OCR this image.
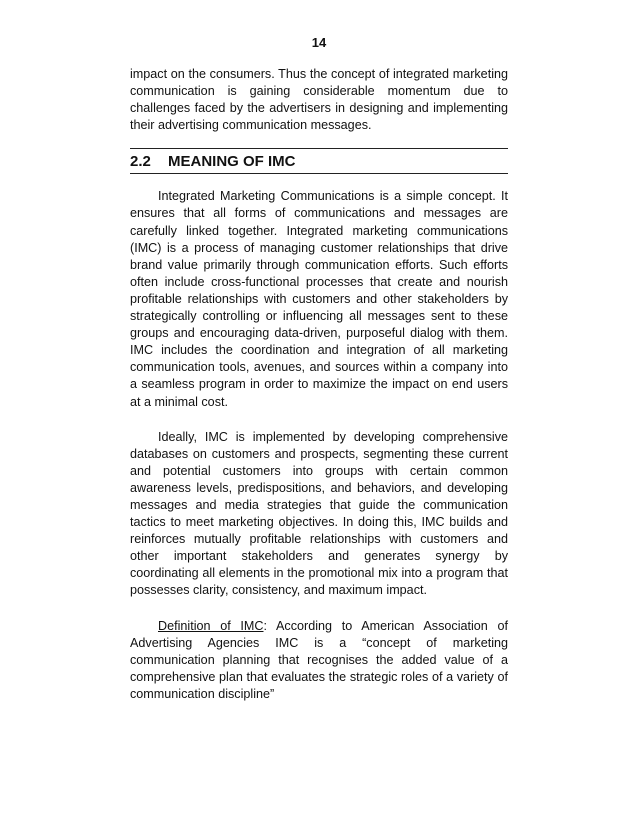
14

impact on the consumers. Thus the concept of integrated marketing communication is gaining considerable momentum due to challenges faced by the advertisers in designing and implementing their advertising communication messages.

2.2	MEANING OF IMC

Integrated Marketing Communications is a simple concept. It ensures that all forms of communications and messages are carefully linked together. Integrated marketing communications (IMC) is a process of managing customer relationships that drive brand value primarily through communication efforts. Such efforts often include cross-functional processes that create and nourish profitable relationships with customers and other stakeholders by strategically controlling or influencing all messages sent to these groups and encouraging data-driven, purposeful dialog with them. IMC includes the coordination and integration of all marketing communication tools, avenues, and sources within a company into a seamless program in order to maximize the impact on end users at a minimal cost.

Ideally, IMC is implemented by developing comprehensive databases on customers and prospects, segmenting these current and potential customers into groups with certain common awareness levels, predispositions, and behaviors, and developing messages and media strategies that guide the communication tactics to meet marketing objectives. In doing this, IMC builds and reinforces mutually profitable relationships with customers and other important stakeholders and generates synergy by coordinating all elements in the promotional mix into a program that possesses clarity, consistency, and maximum impact.

Definition of IMC: According to American Association of Advertising Agencies IMC is a “concept of marketing communication planning that recognises the added value of a comprehensive plan that evaluates the strategic roles of a variety of communication discipline”
